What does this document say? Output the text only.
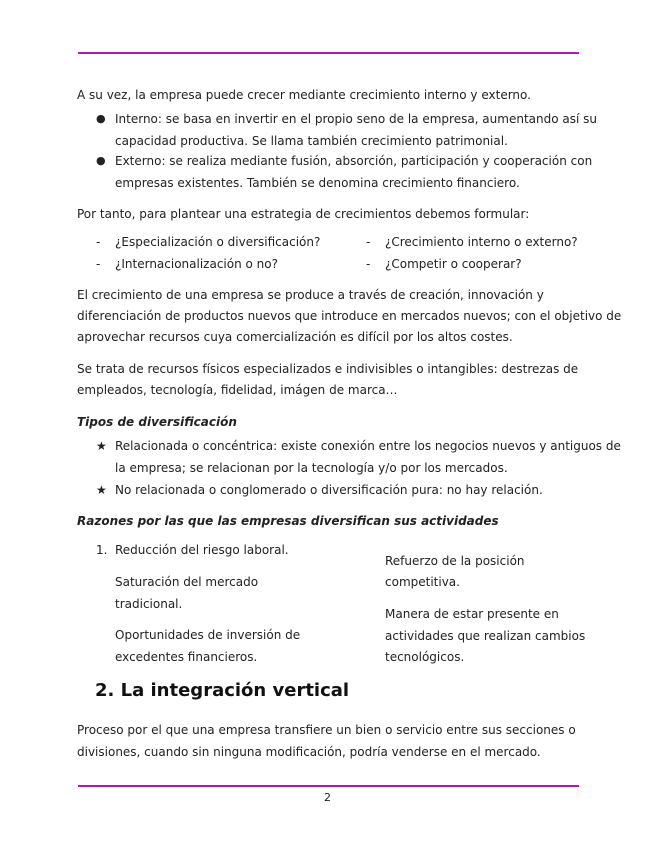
A su vez, la empresa puede crecer mediante crecimiento interno y externo.
● Interno: se basa en invertir en el propio seno de la empresa, aumentando así su
capacidad productiva. Se llama también crecimiento patrimonial.
● Externo: se realiza mediante fusión, absorción, participación y cooperación con
empresas existentes. También se denomina crecimiento financiero.
Por tanto, para plantear una estrategia de crecimientos debemos formular:
- ¿Especialización o diversificación?
- ¿Internacionalización o no?
- ¿Crecimiento interno o externo?
- ¿Competir o cooperar?
El crecimiento de una empresa se produce a través de creación, innovación y
diferenciación de productos nuevos que introduce en mercados nuevos; con el objetivo de
aprovechar recursos cuya comercialización es difícil por los altos costes.
Se trata de recursos físicos especializados e indivisibles o intangibles: destrezas de
empleados, tecnología, fidelidad, imágen de marca…
Tipos de diversificación
★ Relacionada o concéntrica: existe conexión entre los negocios nuevos y antiguos de
la empresa; se relacionan por la tecnología y/o por los mercados.
★ No relacionada o conglomerado o diversificación pura: no hay relación.
Razones por las que las empresas diversifican sus actividades
1. Reducción del riesgo laboral.
Saturación del mercado
tradicional.
Oportunidades de inversión de
excedentes financieros.
Refuerzo de la posición
competitiva.
Manera de estar presente en
actividades que realizan cambios
tecnológicos.
2. La integración vertical
Proceso por el que una empresa transfiere un bien o servicio entre sus secciones o
divisiones, cuando sin ninguna modificación, podría venderse en el mercado.
2
